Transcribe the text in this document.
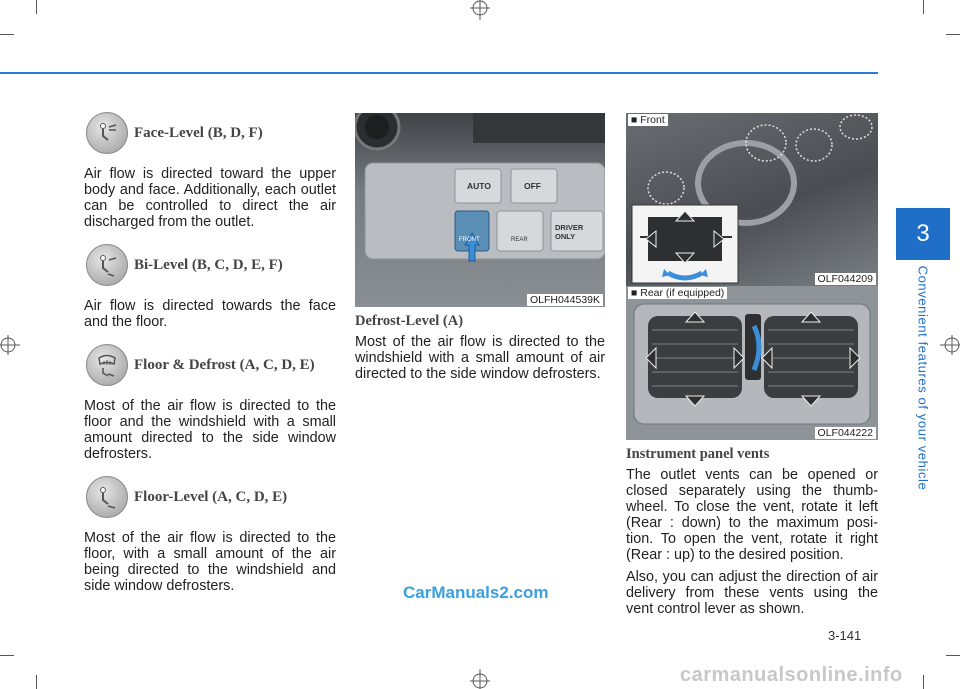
3
Convenient features of your vehicle
Face-Level (B, D, F)

Air flow is directed toward the upper body and face. Additionally, each outlet can be controlled to direct the air discharged from the outlet.

Bi-Level (B, C, D, E, F)

Air flow is directed towards the face and the floor.

Floor & Defrost (A, C, D, E)

Most of the air flow is directed to the floor and the windshield with a small amount directed to the side window defrosters.

Floor-Level (A, C, D, E)

Most of the air flow is directed to the floor, with a small amount of the air being directed to the windshield and side window defrosters.

AUTO	OFF
FRONT	REAR
DRIVER ONLY
OLFH044539K
Defrost-Level (A)

Most of the air flow is directed to the windshield with a small amount of air directed to the side window defrosters.

■ Front
OLF044209
■ Rear (if equipped)
OLF044222
Instrument panel vents

The outlet vents can be opened or closed separately using the thumb-wheel. To close the vent, rotate it left (Rear : down) to the maximum posi-tion. To open the vent, rotate it right (Rear : up) to the desired position.

Also, you can adjust the direction of air delivery from these vents using the vent control lever as shown.

3-141
CarManuals2.com
carmanualsonline.info
